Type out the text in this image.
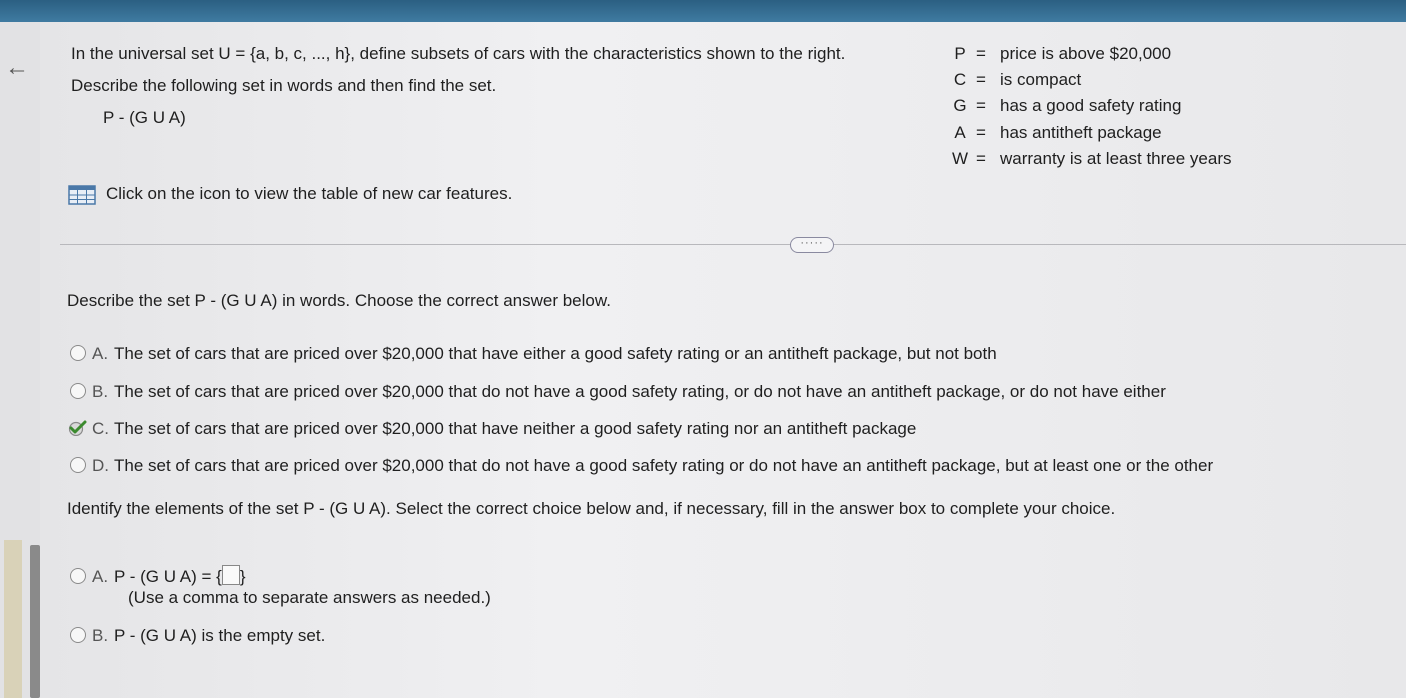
←
In the universal set U = {a, b, c, ..., h}, define subsets of cars with the characteristics shown to the right.
Describe the following set in words and then find the set.
P - (G U A)
P = price is above $20,000
C = is compact
G = has a good safety rating
A = has antitheft package
W = warranty is at least three years
Click on the icon to view the table of new car features.
·····
Describe the set P - (G U A) in words. Choose the correct answer below.
A. The set of cars that are priced over $20,000 that have either a good safety rating or an antitheft package, but not both
B. The set of cars that are priced over $20,000 that do not have a good safety rating, or do not have an antitheft package, or do not have either
C. The set of cars that are priced over $20,000 that have neither a good safety rating nor an antitheft package
D. The set of cars that are priced over $20,000 that do not have a good safety rating or do not have an antitheft package, but at least one or the other
Identify the elements of the set P - (G U A). Select the correct choice below and, if necessary, fill in the answer box to complete your choice.
A. P - (G U A) = { }
(Use a comma to separate answers as needed.)
B. P - (G U A) is the empty set.
